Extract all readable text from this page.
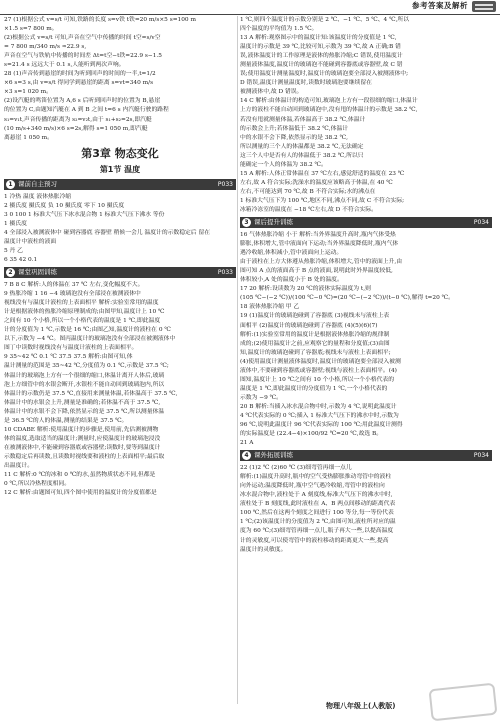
参考答案及解析
27 (1)根据公式 v=s/t 可知,铁路的长度 s=v铁 t铁=20 m/s×5 s=100 m
×1.5 s=7 800 m。
(2)根据公式 v=s/t 可知,声音在空气中传播的时间 t空=s/v空
= 7 800 m/340 m/s ≈22.9 s,
声音在空气与铁轨中传播的时间差 Δt=t空−t铁=22.9 s−1.5
s=21.4 s 远远大于 0.1 s,人能听到两次声响。
28 (1)声音传到悬崖的时间为听到回声的时间的一半,t=1/2
×6 s=3 s,由 v=s/t 得同学到悬崖的距离 s=vt=340 m/s
×3 s=1 020 m。
(2)设汽艇的鸣笛位置为 A,6 s 后听到回声时的位置为 B,悬崖
的位置为 C,由题知汽艇在 A 到 B 之间 t=6 s 内汽艇行驶的路程
s₁=v₁t,声音传播的距离为 s₂=v₂t,由于 s₁+s₂=2s,即汽艇
(10 m/s+340 m/s)×6 s=2s,解得 s=1 050 m,即汽艇
离悬崖 1 050 m。
第3章 物态变化
第1节 温度
1 课前自主预习	P033
1 冷热 温度 液体热胀冷缩
2 摄氏度 摄氏度 负 10 摄氏度 零下 10 摄氏度
3 0 100 1 标准大气压下冰水混合物 1 标准大气压下沸水 等份
1 摄氏度
4 全部浸入被测液体中 碰到容器底 容器壁 稍候一会儿 温度计的示数稳定后 留在
温度计中液柱的液面
5 丹 乙
6 35 42 0.1
2 课堂巩固训练	P033
7 B 8 C 解析:人的体温在 37 ℃ 左右,变化幅度不大。
9 热胀冷缩 1 16 −4 玻璃泡没有全部浸在被测液体中
视线没有与温度计液柱的上表面相平 解析:实验室常用的温度
计是根据液体的热胀冷缩原理制成的;由图甲知,温度计上 10 ℃
之间有 10 个小格,所以一个小格代表的温度是 1 ℃,即此温度
计的分度值为 1 ℃,示数是 16 ℃;由图乙知,温度计的液柱在 0 ℃
以下,示数为 −4 ℃。图丙温度计的玻璃泡没有全部浸在被测液体中
图丁中读数时视线没有与温度计液柱的上表面相平。
9 35~42 ℃ 0.1 ℃ 37.5 37.5 解析:由图可知,体
温计测量的范围是 35~42 ℃,分度值为 0.1 ℃,示数是 37.5 ℃;
体温计的玻璃泡上方有一个很细的缩口,体温计离开人体后,玻璃
泡上方细管中的水银会断开,水银柱不能自动回到玻璃泡内,所以
体温计的示数仍是 37.5 ℃,直接用来测量体温,若体温高于 37.5 ℃,
体温计中的水银会上升,测量是准确的;若体温不高于 37.5 ℃,
体温计中的水银不会下降,依然显示的是 37.5 ℃,所以测量体温
是 36.5 ℃的人的体温,测量的结果是 37.5 ℃。
10 CDABE 解析:使用温度计的步骤是,使用前,先估测被测物
体的温度,选取适当的温度计;测量时,应使温度计的玻璃泡浸没
在被测液体中,不能碰到容器底或容器壁;读数时,要等到温度计
示数稳定后再读数,且读数时视线要和液柱的上表面相平;最后取
出温度计。
11 C 解析:0 ℃的冰和 0 ℃的水,虽然物质状态不同,但都是
0 ℃,所以冷热程度相同。
12 C 解析:由题图可知,四个图中使用的温度计的分度值都是
1 ℃,则四个温度计的示数分别是 2 ℃、−1 ℃、5 ℃、4 ℃,所以
四个温度的平均值为 1.5 ℃。
13 A 解析:观察图示中的温度计知:该温度计的分度值是 1 ℃,
温度计的示数是 39 ℃,比较可知,示数为 39 ℃,故 A 正确;B 错
误,液体温度计的工作原理是液体的热胀冷缩;C 错误,使用温度计
测量液体温度,温度计的玻璃泡不能碰到容器底或容器壁,故 C 错
误;使用温度计测量温度时,温度计的玻璃泡要全部浸入被测液体中;
D 错误,温度计测量温度时,读数时玻璃泡要继续留在
被测液体中,故 D 错误。
14 C 解析:由体温计的构造可知,玻璃泡上方有一段很细的缩口,体温计
上方的液柱不能自动回到玻璃泡中,没有甩的体温计的示数是 38.2 ℃,
若没有甩就测量体温,若体温高于 38.2 ℃,体温计
的示数会上升;若体温低于 38.2 ℃,体温计
中的水银不会下降,依然显示的是 38.2 ℃,
所以测量的三个人的体温都是 38.2 ℃,无法确定
这三个人中是否有人的体温低于 38.2 ℃,所以只
能确定一个人的体温为 38.2 ℃。
15 A 解析:人体正常体温在 37 ℃左右,感觉舒适的温度在 23 ℃
左右,故 A 符合实际;洗澡水的温度应该略高于体温,在 40 ℃
左右,不可能达到 70 ℃,故 B 不符合实际;水的沸点在
1 标准大气压下为 100 ℃,地区不同,沸点不同,故 C 不符合实际;
冰箱冷冻室的温度在 −18 ℃左右,故 D 不符合实际。
3 课后提升训练	P034
16 气体热胀冷缩 小于 解析:当外界温度升高时,瓶内气体受热
膨胀,体积增大,管中液面向下运动;当外界温度降低时,瓶内气体
遇冷收缩,体积减小,管中液面向上运动。
由于液柱在上方大体遵从热胀冷缩,体积增大,管中的液面上升,由
图可知 A 点的液面高于 B 点的液面,说明此时外界温度较低,
体积较小,A 处的温度小于 B 处的温度。
17 20 解析:设读数为 20 ℃的液体实际温度为 t,则
(105 ℃−(−2 ℃))/(100 ℃−0 ℃)=(20 ℃−(−2 ℃))/(t−0 ℃),解得 t=20 ℃。
18 液体热胀冷缩 甲 乙
19 (1)温度计的玻璃泡碰到了容器底 (3)视线未与液柱上表
面相平 (2)温度计的玻璃泡碰到了容器底 (4)(5)(6)(7)
解析:(1)实验室常用的温度计是根据液体热胀冷缩的规律制
成的;(2)使用温度计之前,应观察它的量程和分度值;(3)由图
知,温度计的玻璃泡碰到了容器底;视线未与液柱上表面相平;
(4)使用温度计测量液体温度时,温度计的玻璃泡要全部浸入被测
液体中,不要碰到容器底或容器壁;视线与液柱上表面相平。(4)
图知,温度计上 10 ℃之间有 10 个小格,所以一个小格代表的
温度是 1 ℃,即此温度计的分度值为 1 ℃,一个小格代表的
示数为 −9 ℃。
20 B 解析:当插入冰水混合物中时,示数为 4 ℃,说明此温度计
4 ℃代表实际的 0 ℃;插入 1 标准大气压下的沸水中时,示数为
96 ℃,说明此温度计 96 ℃代表实际的 100 ℃;用此温度计测得
的实际温度是 (22.4−4)×100/92 ℃=20 ℃,故选 B。
21 A
4 课外拓展训练	P034
22 (1)2 ℃ (2)60 ℃ (3)细弯管再细一点儿
解析:(1)温度升高时,瓶中的空气受热膨胀推动弯管中的液柱
向外运动;温度降低时,瓶中空气遇冷收缩,弯管中的液柱向
冰水混合物中,液柱处于 A 刻度线,标准大气压下的沸水中时,
液柱处于 B 刻度线,此时液柱在 A、B 两点间移动的距离代表
100 ℃,然后在这两个刻度之间进行 100 等分,每一等份代表
1 ℃;(2)该温度计的分度值为 2 ℃,由图可知,液柱所对应的温
度为 60 ℃;(3)细弯管再细一点儿,瓶子再大一些,以提高温度
计的灵敏度,可以使弯管中的液柱移动的距离更大一些,提高
温度计的灵敏度。
物理八年级上(人教版)
